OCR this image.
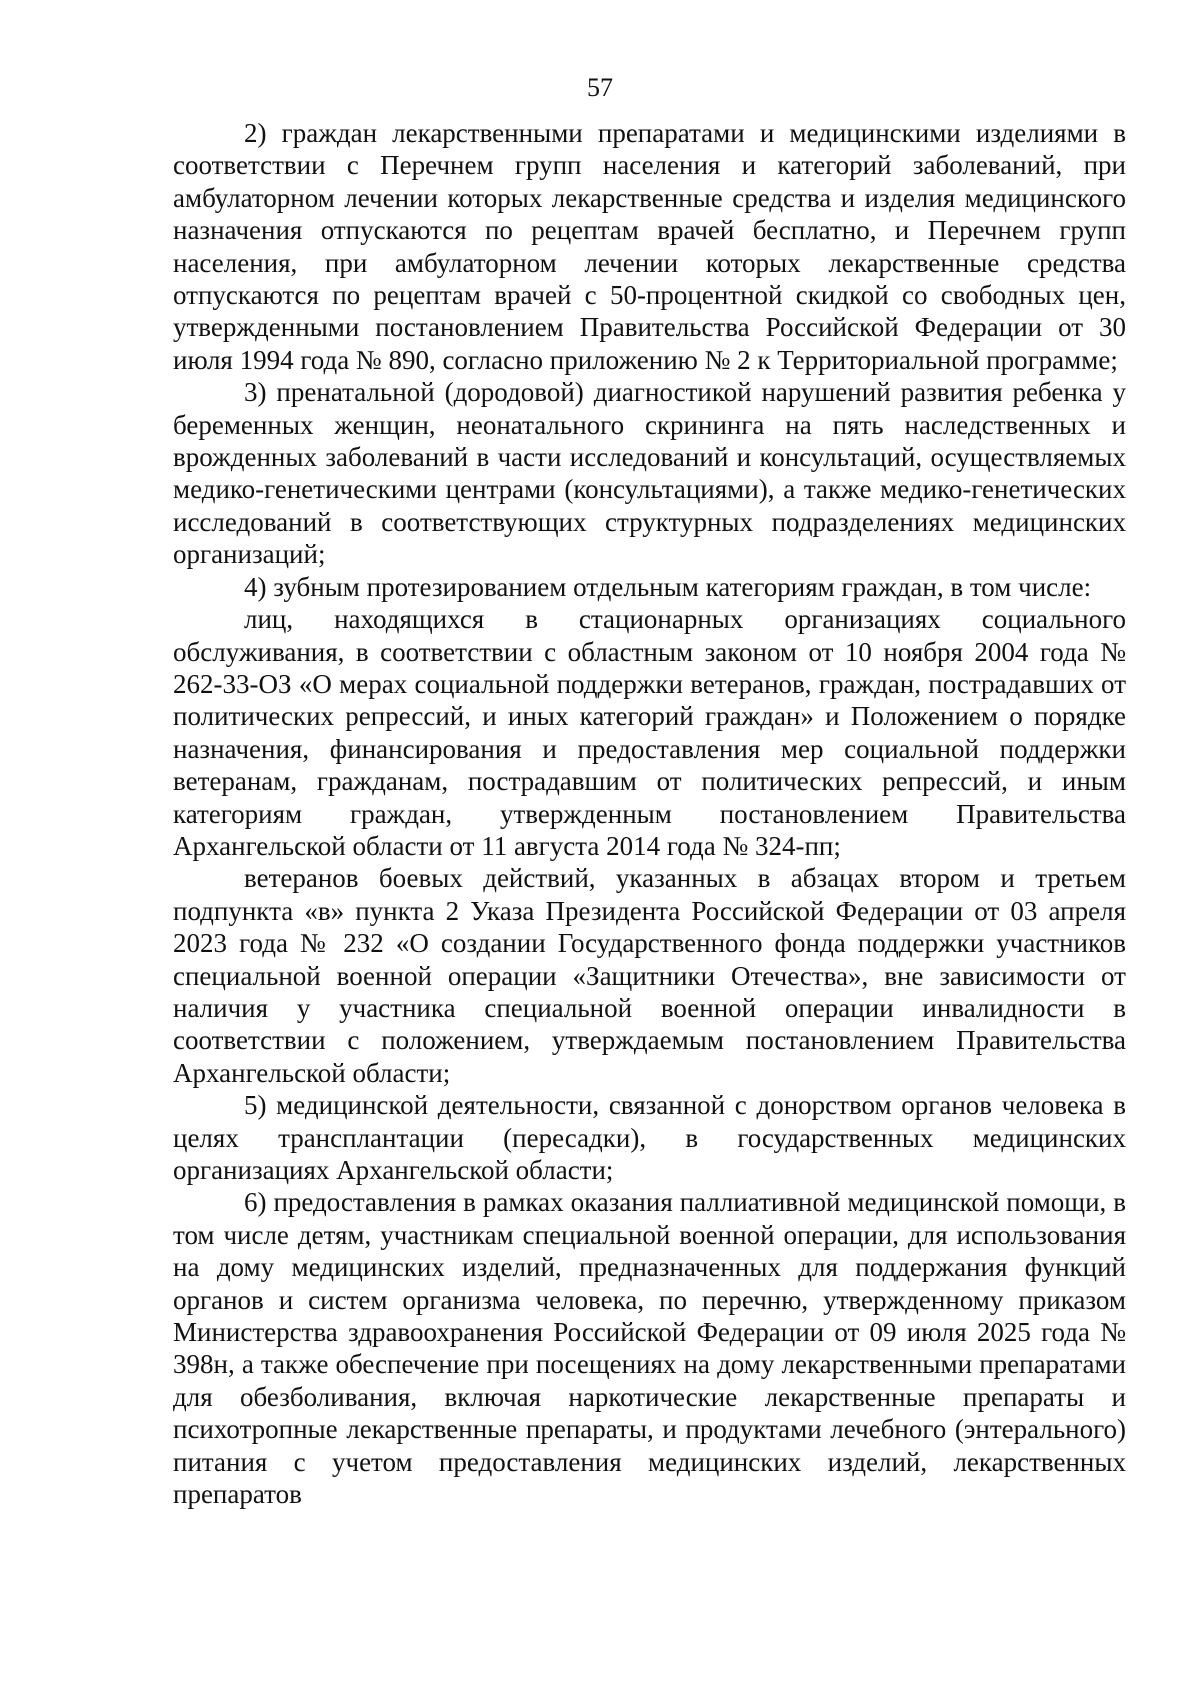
57

2) граждан лекарственными препаратами и медицинскими изделиями в соответствии с Перечнем групп населения и категорий заболеваний, при амбулаторном лечении которых лекарственные средства и изделия медицинского назначения отпускаются по рецептам врачей бесплатно, и Перечнем групп населения, при амбулаторном лечении которых лекарственные средства отпускаются по рецептам врачей с 50-процентной скидкой со свободных цен, утвержденными постановлением Правительства Российской Федерации от 30 июля 1994 года № 890, согласно приложению № 2 к Территориальной программе;

3) пренатальной (дородовой) диагностикой нарушений развития ребенка у беременных женщин, неонатального скрининга на пять наследственных и врожденных заболеваний в части исследований и консультаций, осуществляемых медико-генетическими центрами (консультациями), а также медико-генетических исследований в соответствующих структурных подразделениях медицинских организаций;

4) зубным протезированием отдельным категориям граждан, в том числе:

лиц, находящихся в стационарных организациях социального обслуживания, в соответствии с областным законом от 10 ноября 2004 года № 262-33-ОЗ «О мерах социальной поддержки ветеранов, граждан, пострадавших от политических репрессий, и иных категорий граждан» и Положением о порядке назначения, финансирования и предоставления мер социальной поддержки ветеранам, гражданам, пострадавшим от политических репрессий, и иным категориям граждан, утвержденным постановлением Правительства Архангельской области от 11 августа 2014 года № 324-пп;

ветеранов боевых действий, указанных в абзацах втором и третьем подпункта «в» пункта 2 Указа Президента Российской Федерации от 03 апреля 2023 года № 232 «О создании Государственного фонда поддержки участников специальной военной операции «Защитники Отечества», вне зависимости от наличия у участника специальной военной операции инвалидности в соответствии с положением, утверждаемым постановлением Правительства Архангельской области;

5) медицинской деятельности, связанной с донорством органов человека в целях трансплантации (пересадки), в государственных медицинских организациях Архангельской области;

6) предоставления в рамках оказания паллиативной медицинской помощи, в том числе детям, участникам специальной военной операции, для использования на дому медицинских изделий, предназначенных для поддержания функций органов и систем организма человека, по перечню, утвержденному приказом Министерства здравоохранения Российской Федерации от 09 июля 2025 года № 398н, а также обеспечение при посещениях на дому лекарственными препаратами для обезболивания, включая наркотические лекарственные препараты и психотропные лекарственные препараты, и продуктами лечебного (энтерального) питания с учетом предоставления медицинских изделий, лекарственных препаратов
